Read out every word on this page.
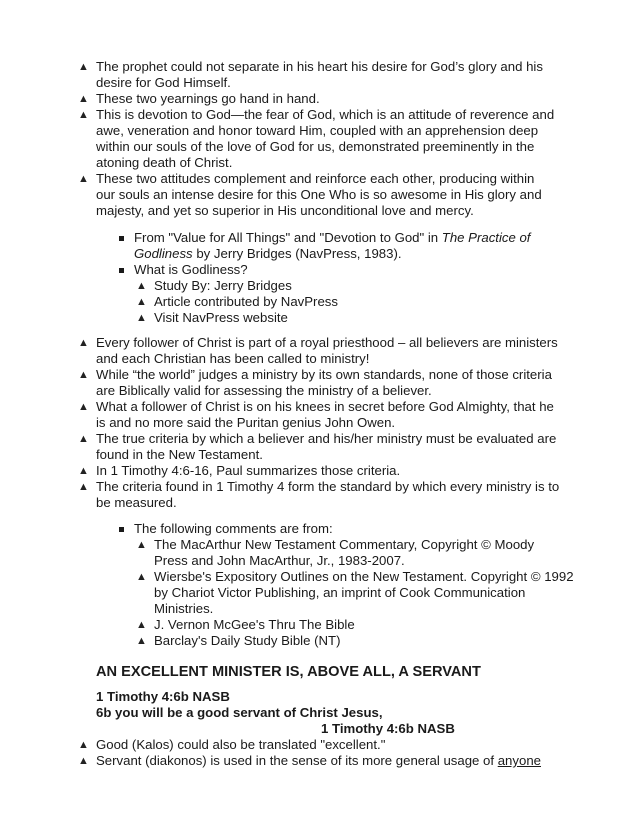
▲ The prophet could not separate in his heart his desire for God’s glory and his
desire for God Himself.
▲ These two yearnings go hand in hand.
▲ This is devotion to God—the fear of God, which is an attitude of reverence and
awe, veneration and honor toward Him, coupled with an apprehension deep
within our souls of the love of God for us, demonstrated preeminently in the
atoning death of Christ.
▲ These two attitudes complement and reinforce each other, producing within
our souls an intense desire for this One Who is so awesome in His glory and
majesty, and yet so superior in His unconditional love and mercy.
From "Value for All Things" and "Devotion to God" in The Practice of
Godliness by Jerry Bridges (NavPress, 1983).
What is Godliness?
▲ Study By: Jerry Bridges
▲ Article contributed by NavPress
▲ Visit NavPress website
▲ Every follower of Christ is part of a royal priesthood – all believers are ministers
and each Christian has been called to ministry!
▲ While “the world” judges a ministry by its own standards, none of those criteria
are Biblically valid for assessing the ministry of a believer.
▲ What a follower of Christ is on his knees in secret before God Almighty, that he
is and no more said the Puritan genius John Owen.
▲ The true criteria by which a believer and his/her ministry must be evaluated are
found in the New Testament.
▲ In 1 Timothy 4:6-16, Paul summarizes those criteria.
▲ The criteria found in 1 Timothy 4 form the standard by which every ministry is to
be measured.
The following comments are from:
▲ The MacArthur New Testament Commentary, Copyright © Moody
Press and John MacArthur, Jr., 1983-2007.
▲ Wiersbe's Expository Outlines on the New Testament. Copyright © 1992
by Chariot Victor Publishing, an imprint of Cook Communication
Ministries.
▲ J. Vernon McGee's Thru The Bible
▲ Barclay's Daily Study Bible (NT)
AN EXCELLENT MINISTER IS, ABOVE ALL, A SERVANT
1 Timothy 4:6b NASB
6b you will be a good servant of Christ Jesus,
1 Timothy 4:6b NASB
▲ Good (Kalos) could also be translated "excellent."
▲ Servant (diakonos) is used in the sense of its more general usage of anyone
